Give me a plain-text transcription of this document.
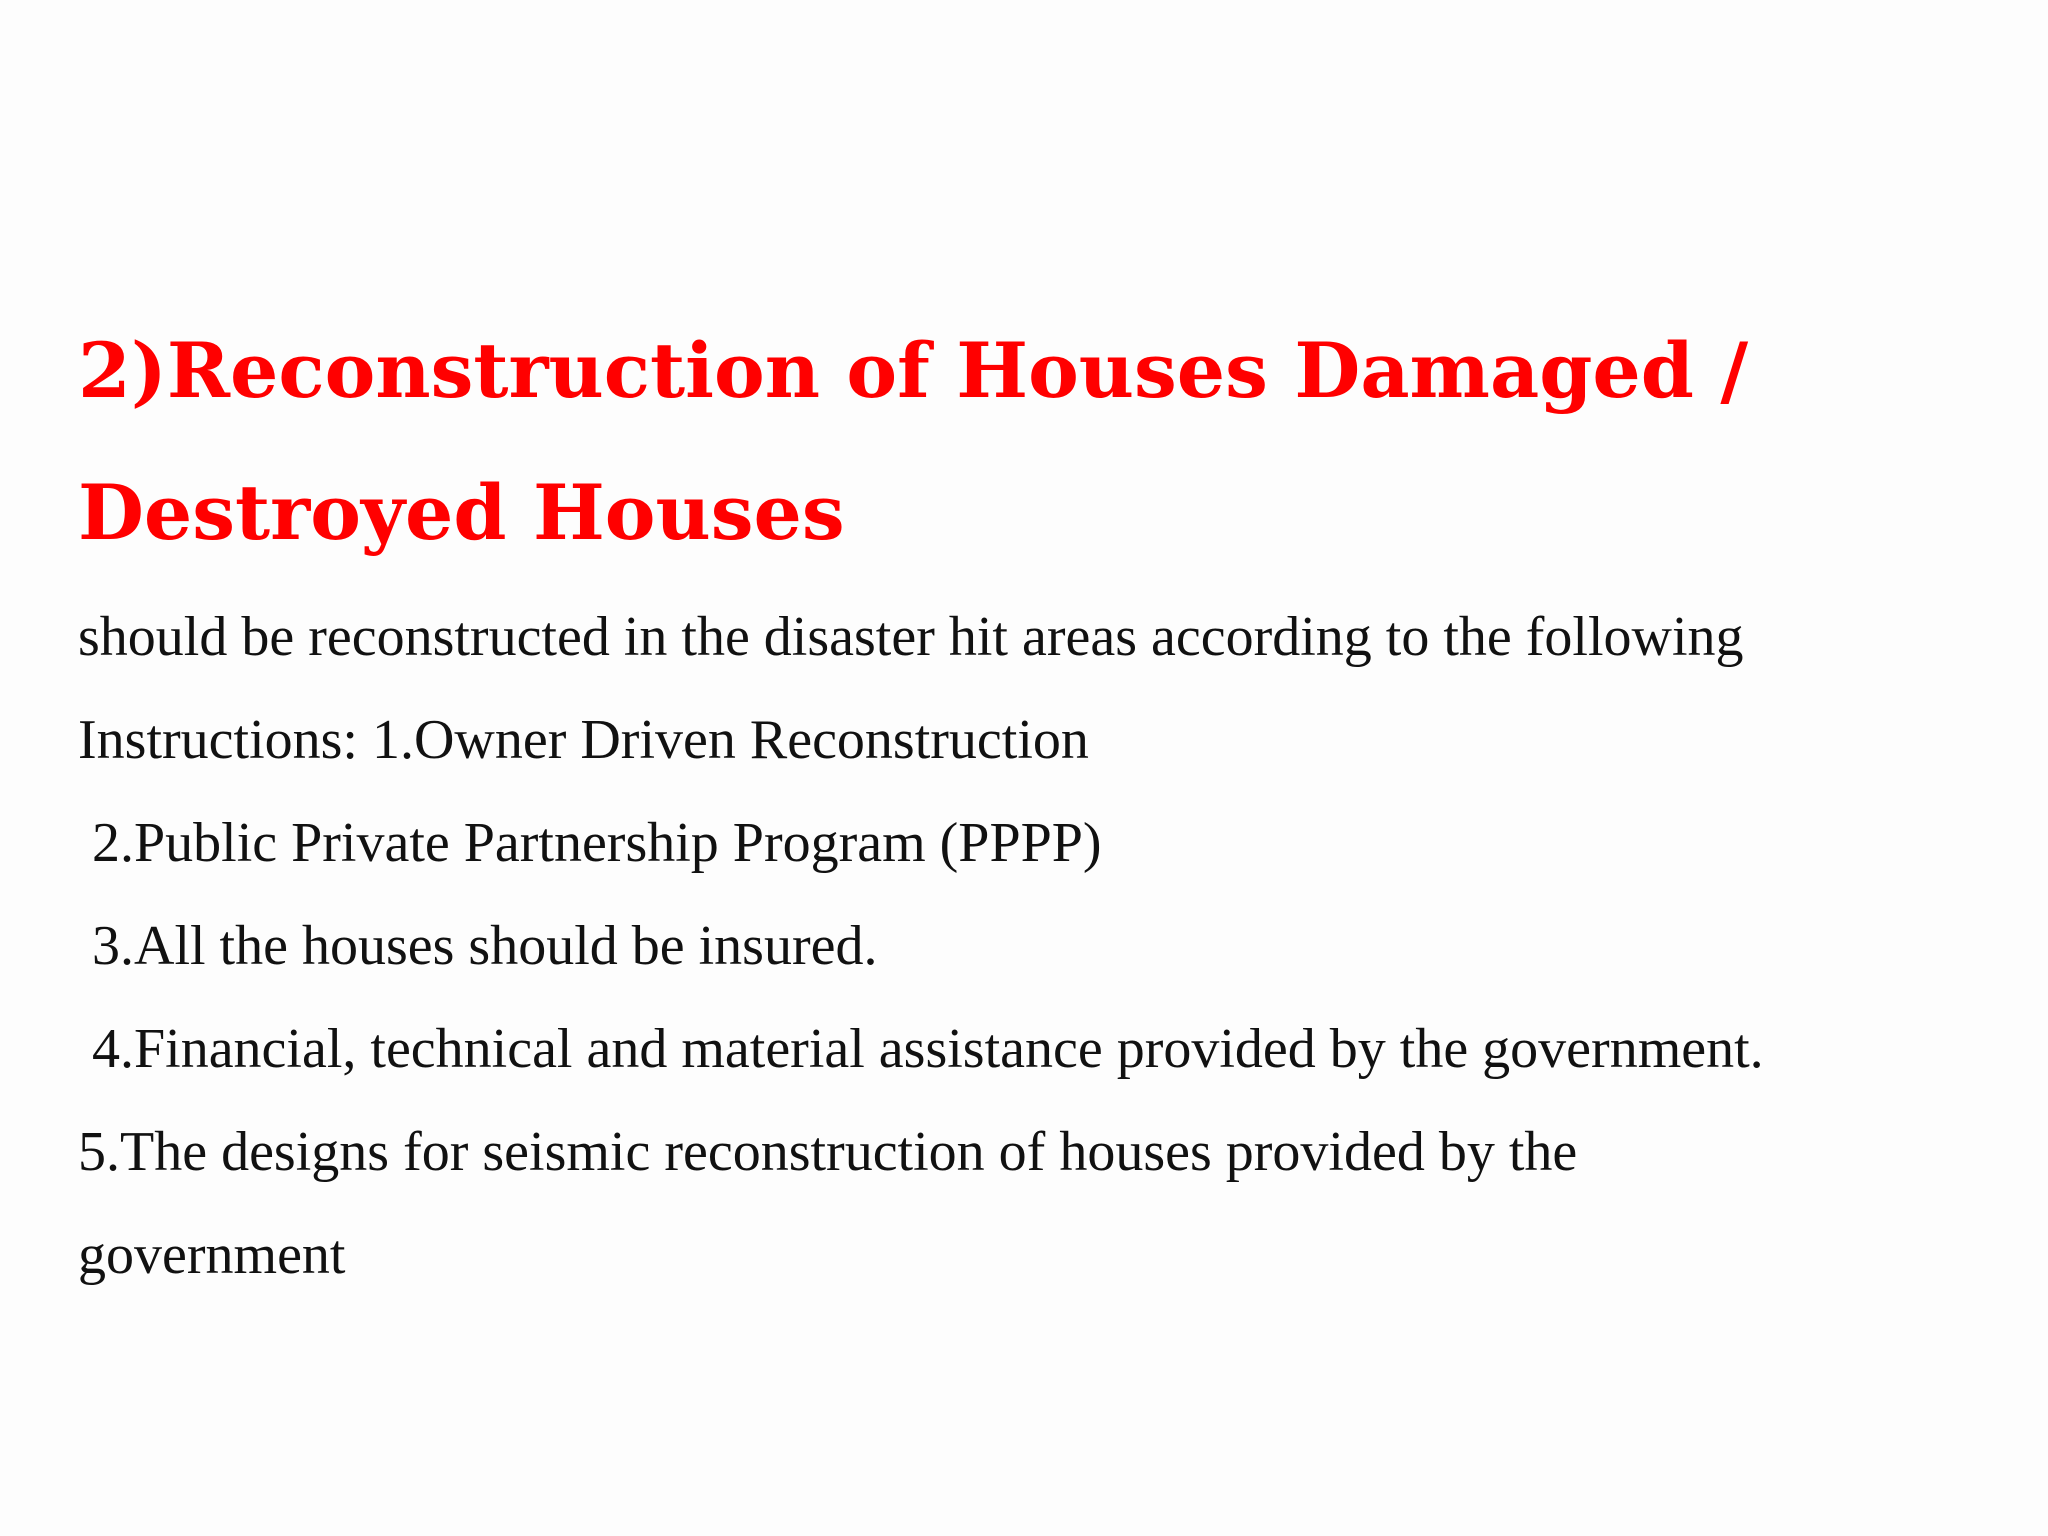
2)Reconstruction of Houses Damaged /
Destroyed Houses
should be reconstructed in the disaster hit areas according to the following
Instructions: 1.Owner Driven Reconstruction
2.Public Private Partnership Program (PPPP)
3.All the houses should be insured.
4.Financial, technical and material assistance provided by the government.
5.The designs for seismic reconstruction of houses provided by the
government
